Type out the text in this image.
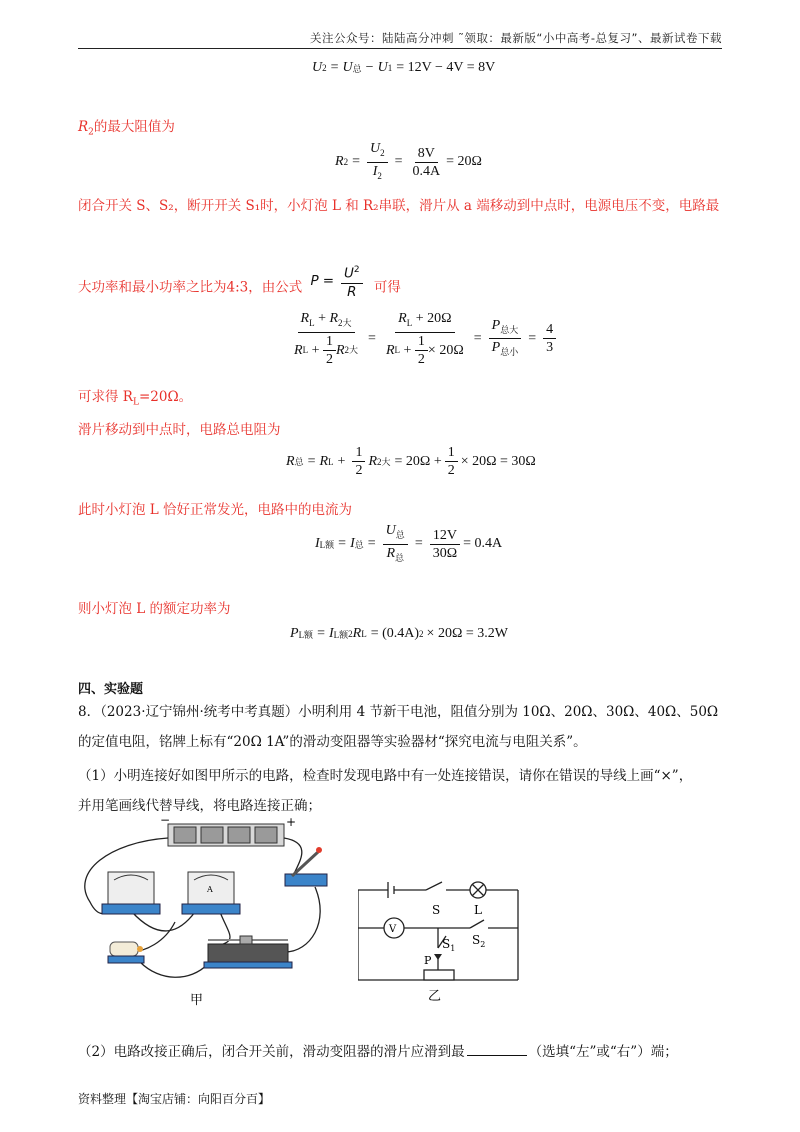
关注公众号：陆陆高分冲刺 ˜领取：最新版“小中高考-总复习”、最新试卷下载
U 2 = U 总 − U 1 = 12V − 4V = 8V
$R_2$的最大阻值为
R $2 = \frac{U_2}{I_2} = \frac{8V}{0.4A} = 20\Omega$
闭合开关 S、S₂，断开开关 S₁时，小灯泡 L 和 R₂串联，滑片从 a 端移动到中点时，电源电压不变，电路最
大功率和最小功率之比为4:3，由公式 $P = \frac{U^2}{R}$ 可得
$\frac{R_L + R_{2大}}{R L + \frac{1}{2} R 2大} = \frac{R_L + 20\Omega}{R L + \frac{1}{2} \times 20\Omega} = \frac{P_{总大}}{P_{总小}} = \frac{4}{3}$
可求得 $R_L=20\Omega$。
滑片移动到中点时，电路总电阻为
R 总 = R $L + \frac{1}{2}$ R 2大 = $20\Omega + \frac{1}{2} \times 20\Omega = 30\Omega$
此时小灯泡 L 恰好正常发光，电路中的电流为
I L额 = I 总 = $\frac{U_总}{R_总} = \frac{12V}{30\Omega} = 0.4A$
则小灯泡 L 的额定功率为
P L额 = I L额 2 R L = (0.4A) 2 × 20Ω = 3.2W
四、实验题
8．（2023·辽宁锦州·统考中考真题）小明利用 4 节新干电池，阻值分别为 10Ω、20Ω、30Ω、40Ω、50Ω
的定值电阻，铭牌上标有“20Ω 1A”的滑动变阻器等实验器材“探究电流与电阻关系”。
（1）小明连接好如图甲所示的电路，检查时发现电路中有一处连接错误，请你在错误的导线上画“×”，
并用笔画线代替导线，将电路连接正确；
−	+
A
甲
S	L
V
$S_1$
$S_2$
P
乙
（2）电路改接正确后，闭合开关前，滑动变阻器的滑片应滑到最	（选填“左”或“右”）端；
资料整理【淘宝店铺：向阳百分百】
